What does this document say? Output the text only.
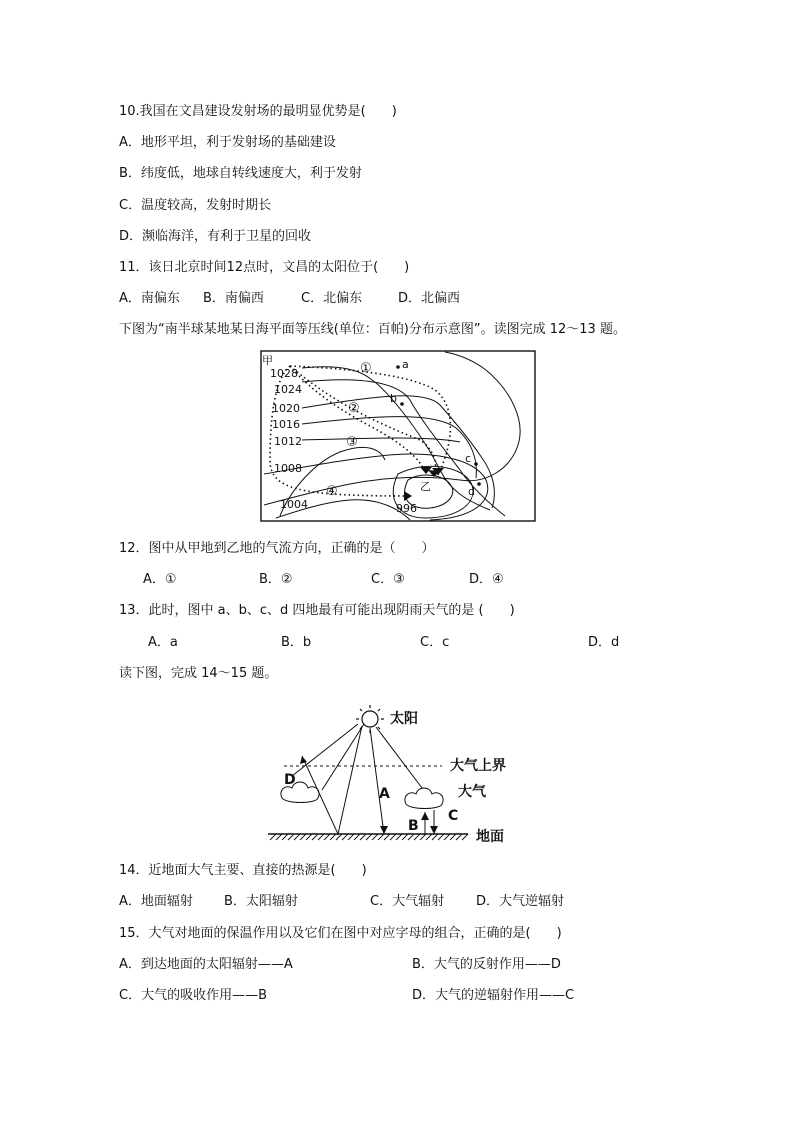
10.我国在文昌建设发射场的最明显优势是(　　)
A．地形平坦，利于发射场的基础建设
B．纬度低，地球自转线速度大，利于发射
C．温度较高，发射时期长
D．濒临海洋，有利于卫星的回收
11．该日北京时间12点时，文昌的太阳位于(　　)
A．南偏东 B．南偏西	C．北偏东	D．北偏西
下图为“南半球某地某日海平面等压线(单位：百帕)分布示意图”。读图完成 12～13 题。
甲
乙
1028
1024
1020
1016
1012
1008
1004	996
①
②
③
④
a
b
c
d
12．图中从甲地到乙地的气流方向，正确的是（　　）
A．①	B．②	C．③	D．④
13．此时，图中 a、b、c、d 四地最有可能出现阴雨天气的是 (　　)
A．a	B．b	C．c	D．d
读下图，完成 14～15 题。
太阳
大气上界
大气
地面
A
B
C
D
14．近地面大气主要、直接的热源是(　　)
A．地面辐射 B．太阳辐射	C．大气辐射 D．大气逆辐射
15．大气对地面的保温作用以及它们在图中对应字母的组合，正确的是(　　)
A．到达地面的太阳辐射——A	B．大气的反射作用——D
C．大气的吸收作用——B	D．大气的逆辐射作用——C
